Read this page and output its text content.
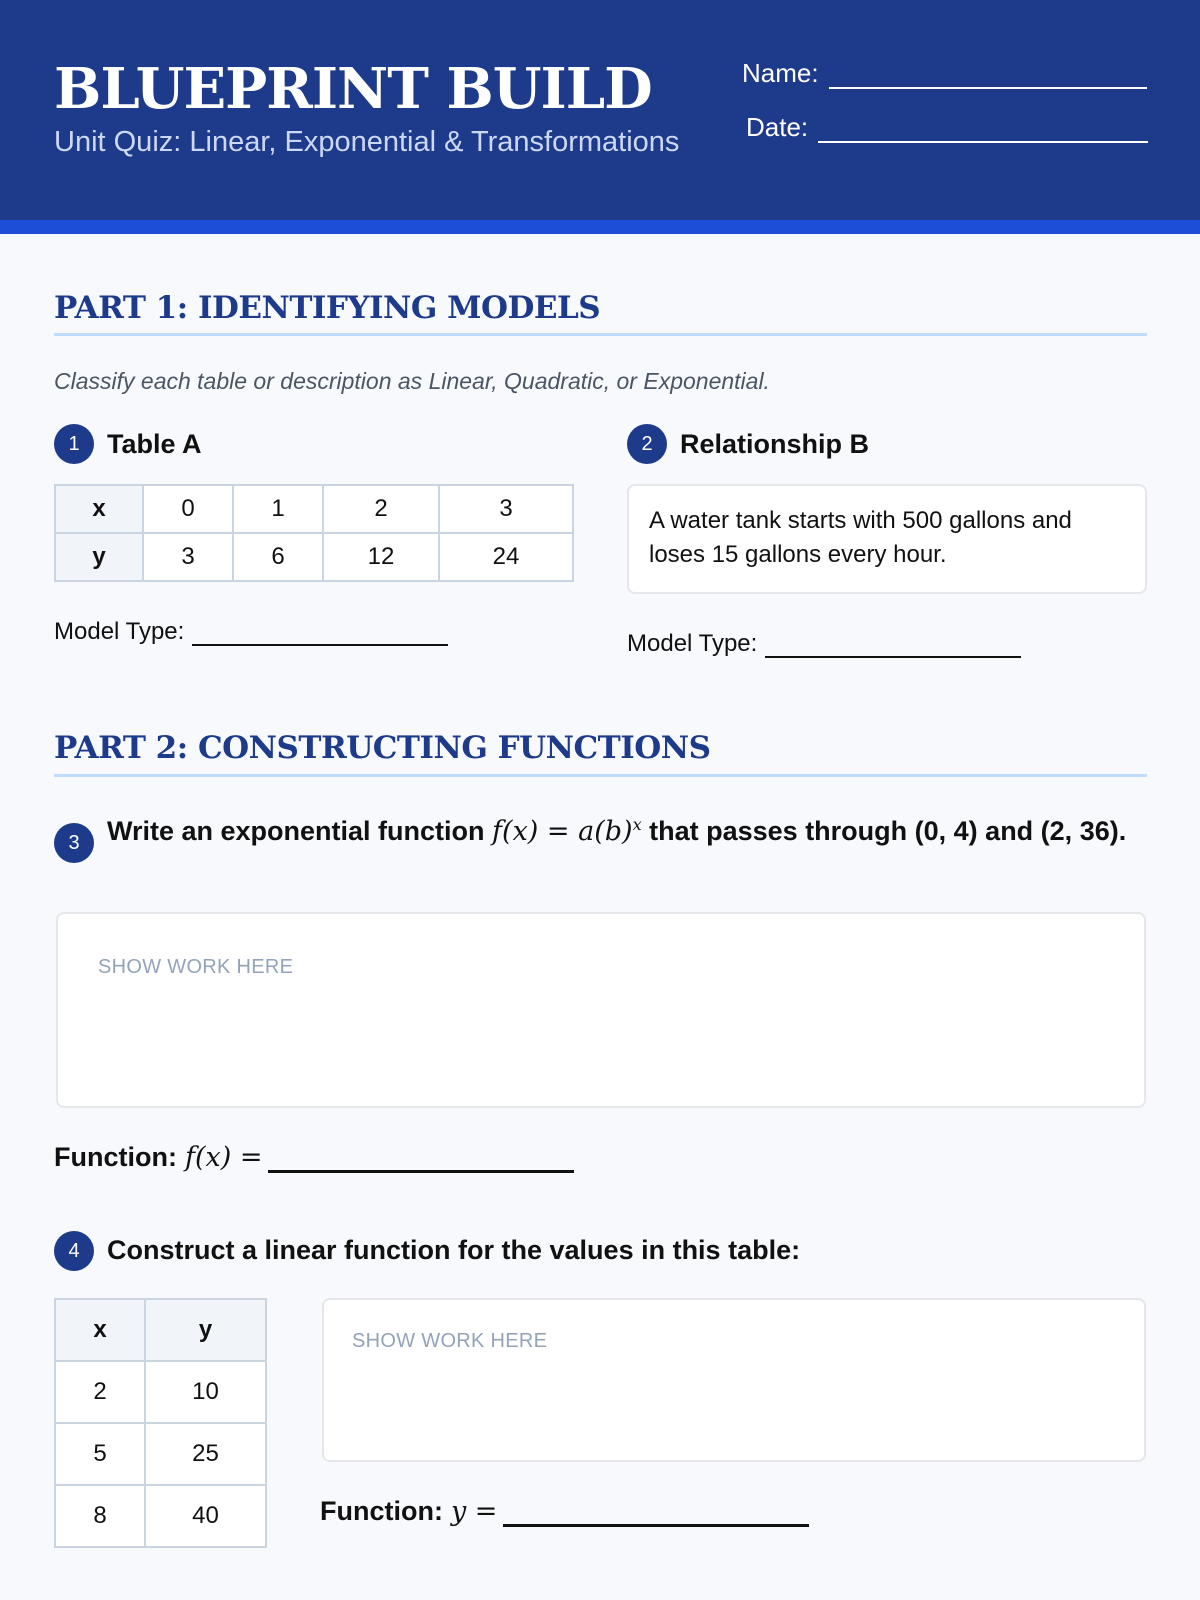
BLUEPRINT BUILD
Unit Quiz: Linear, Exponential & Transformations
Name:
Date:
PART 1: IDENTIFYING MODELS
Classify each table or description as Linear, Quadratic, or Exponential.
1	Table A
x	0	1	2	3
y	3	6	12	24
Model Type:
2	Relationship B
A water tank starts with 500 gallons and loses 15 gallons every hour.
Model Type:
PART 2: CONSTRUCTING FUNCTIONS
3	Write an exponential function $f(x) = a(b)^x$ that passes through (0, 4) and (2, 36).
SHOW WORK HERE
Function: f(x) =
4	Construct a linear function for the values in this table:
x	y
2	10
5	25
8	40
SHOW WORK HERE
Function: y =
